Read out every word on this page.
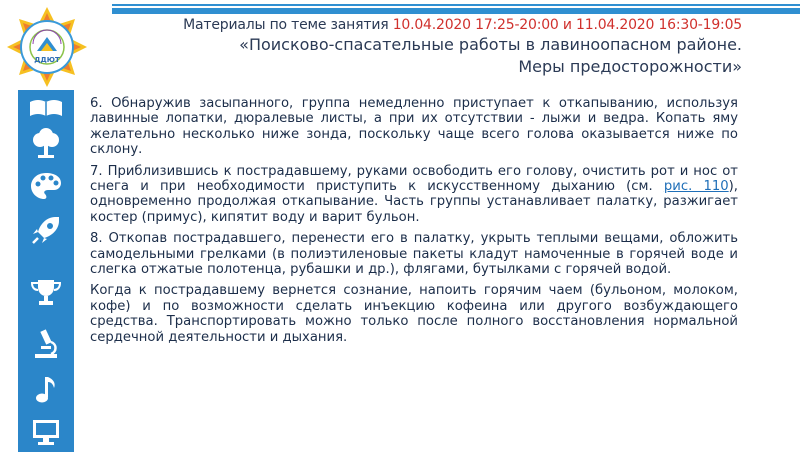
ДДЮТ
Материалы по теме занятия 10.04.2020 17:25-20:00 и 11.04.2020 16:30-19:05
«Поисково-спасательные работы в лавиноопасном районе.
Меры предосторожности»

6. Обнаружив засыпанного, группа немедленно приступает к откапыванию, используя лавинные лопатки, дюралевые листы, а при их отсутствии - лыжи и ведра. Копать яму желательно несколько ниже зонда, поскольку чаще всего голова оказывается ниже по склону.

7. Приблизившись к пострадавшему, руками освободить его голову, очистить рот и нос от снега и при необходимости приступить к искусственному дыханию (см. рис. 110), одновременно продолжая откапывание. Часть группы устанавливает палатку, разжигает костер (примус), кипятит воду и варит бульон.

8. Откопав пострадавшего, перенести его в палатку, укрыть теплыми вещами, обложить самодельными грелками (в полиэтиленовые пакеты кладут намоченные в горячей воде и слегка отжатые полотенца, рубашки и др.), флягами, бутылками с горячей водой.

Когда к пострадавшему вернется сознание, напоить горячим чаем (бульоном, молоком, кофе) и по возможности сделать инъекцию кофеина или другого возбуждающего средства. Транспортировать можно только после полного восстановления нормальной сердечной деятельности и дыхания.
